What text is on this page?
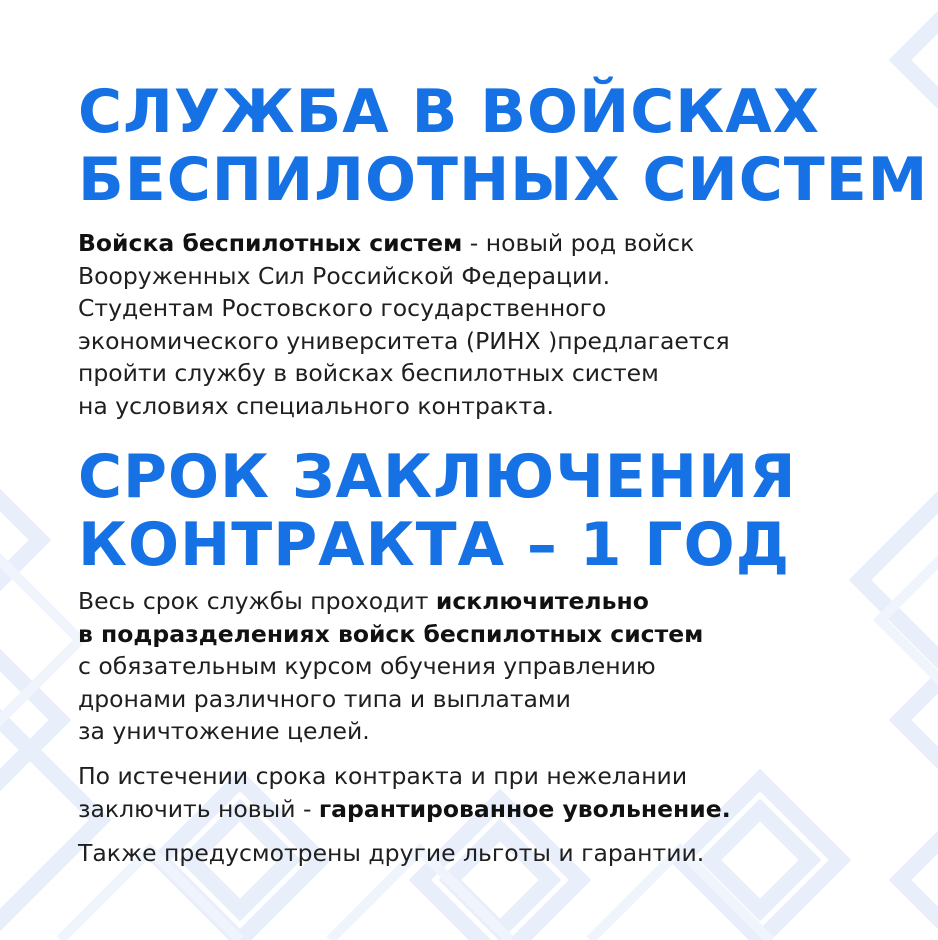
СЛУЖБА В ВОЙСКАХ
БЕСПИЛОТНЫХ СИСТЕМ

Войска беспилотных систем - новый род войск
Вооруженных Сил Российской Федерации.
Студентам Ростовского государственного
экономического университета (РИНХ )предлагается
пройти службу в войсках беспилотных систем
на условиях специального контракта.

СРОК ЗАКЛЮЧЕНИЯ
КОНТРАКТА – 1 ГОД

Весь срок службы проходит исключительно
в подразделениях войск беспилотных систем
с обязательным курсом обучения управлению
дронами различного типа и выплатами
за уничтожение целей.

По истечении срока контракта и при нежелании
заключить новый - гарантированное увольнение.

Также предусмотрены другие льготы и гарантии.
